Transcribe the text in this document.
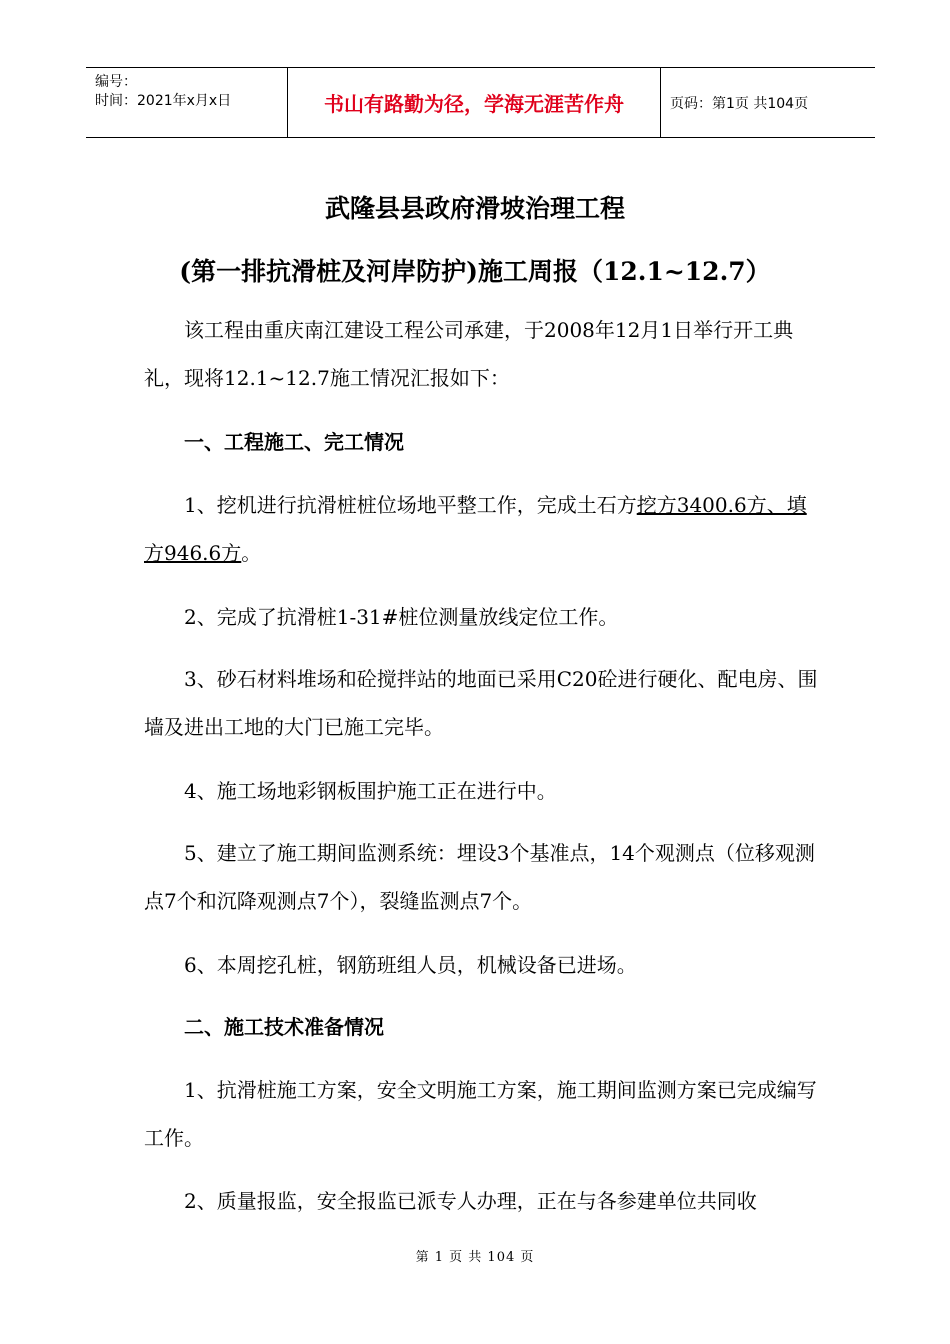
编号：
时间：2021年x月x日	书山有路勤为径，学海无涯苦作舟	页码：第1页 共104页
武隆县县政府滑坡治理工程
(第一排抗滑桩及河岸防护)施工周报（12.1~12.7）
该工程由重庆南江建设工程公司承建，于2008年12月1日举行开工典礼，现将12.1~12.7施工情况汇报如下：
一、工程施工、完工情况
1、挖机进行抗滑桩桩位场地平整工作，完成土石方挖方3400.6方、填方946.6方。
2、完成了抗滑桩1-31#桩位测量放线定位工作。
3、砂石材料堆场和砼搅拌站的地面已采用C20砼进行硬化、配电房、围墙及进出工地的大门已施工完毕。
4、施工场地彩钢板围护施工正在进行中。
5、建立了施工期间监测系统：埋设3个基准点，14个观测点（位移观测点7个和沉降观测点7个），裂缝监测点7个。
6、本周挖孔桩，钢筋班组人员，机械设备已进场。
二、施工技术准备情况
1、抗滑桩施工方案，安全文明施工方案，施工期间监测方案已完成编写工作。
2、质量报监，安全报监已派专人办理，正在与各参建单位共同收
第 1 页 共 104 页
